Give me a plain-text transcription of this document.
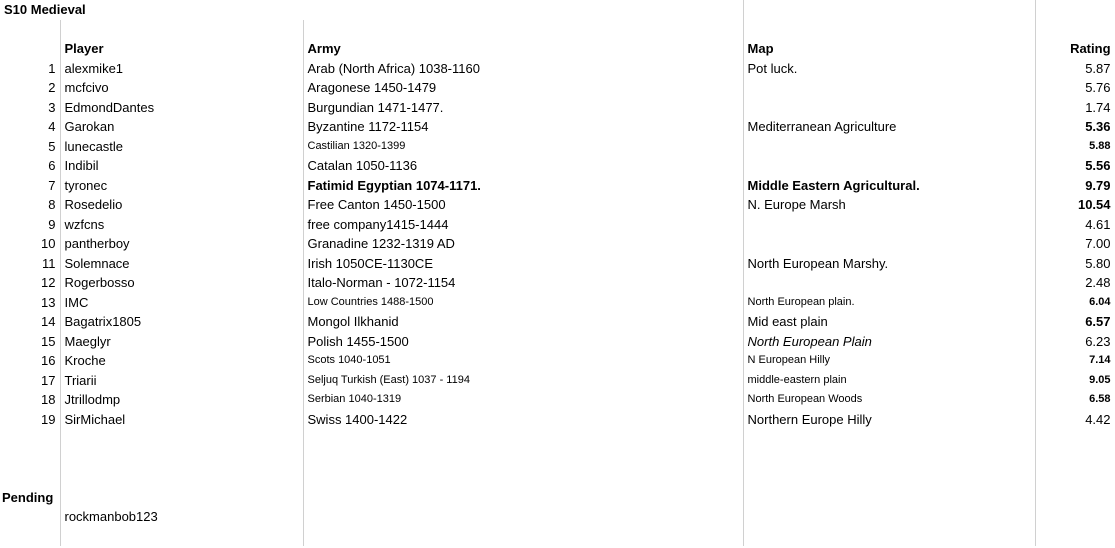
S10 Medieval				

	Player	Army	Map	Rating
1	alexmike1	Arab (North Africa) 1038-1160	Pot luck.	5.87
2	mcfcivo	Aragonese 1450-1479		5.76
3	EdmondDantes	Burgundian 1471-1477.		1.74
4	Garokan	Byzantine 1172-1154	Mediterranean Agriculture	5.36
5	lunecastle	Castilian 1320-1399		5.88
6	Indibil	Catalan 1050-1136		5.56
7	tyronec	Fatimid Egyptian 1074-1171.	Middle Eastern Agricultural.	9.79
8	Rosedelio	Free Canton 1450-1500	N. Europe Marsh	10.54
9	wzfcns	free company1415-1444		4.61
10	pantherboy	Granadine 1232-1319 AD		7.00
11	Solemnace	Irish 1050CE-1130CE	North European Marshy.	5.80
12	Rogerbosso	Italo-Norman - 1072-1154		2.48
13	IMC	Low Countries 1488-1500	North European plain.	6.04
14	Bagatrix1805	Mongol Ilkhanid	Mid east plain	6.57
15	Maeglyr	Polish 1455-1500	North European Plain	6.23
16	Kroche	Scots 1040-1051	N European Hilly	7.14
17	Triarii	Seljuq Turkish (East) 1037 - 1194	middle-eastern plain	9.05
18	Jtrillodmp	Serbian 1040-1319	North European Woods	6.58
19	SirMichael	Swiss 1400-1422	Northern Europe Hilly	4.42

Pending				
	rockmanbob123			
